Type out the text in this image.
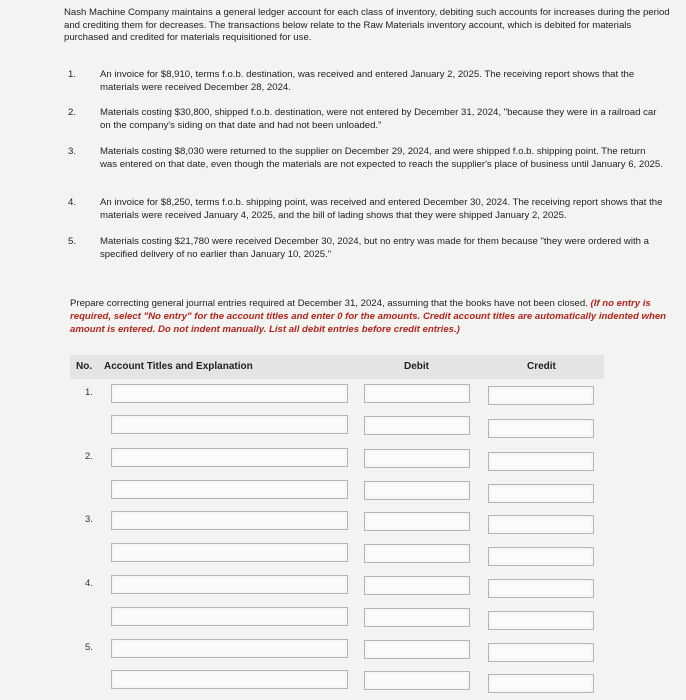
Nash Machine Company maintains a general ledger account for each class of inventory, debiting such accounts for increases during the period and crediting them for decreases. The transactions below relate to the Raw Materials inventory account, which is debited for materials purchased and credited for materials requisitioned for use.

1.	An invoice for $8,910, terms f.o.b. destination, was received and entered January 2, 2025. The receiving report shows that the materials were received December 28, 2024.
2.	Materials costing $30,800, shipped f.o.b. destination, were not entered by December 31, 2024, "because they were in a railroad car on the company's siding on that date and had not been unloaded."
3.	Materials costing $8,030 were returned to the supplier on December 29, 2024, and were shipped f.o.b. shipping point. The return was entered on that date, even though the materials are not expected to reach the supplier's place of business until January 6, 2025.
4.	An invoice for $8,250, terms f.o.b. shipping point, was received and entered December 30, 2024. The receiving report shows that the materials were received January 4, 2025, and the bill of lading shows that they were shipped January 2, 2025.
5.	Materials costing $21,780 were received December 30, 2024, but no entry was made for them because "they were ordered with a specified delivery of no earlier than January 10, 2025."

Prepare correcting general journal entries required at December 31, 2024, assuming that the books have not been closed. (If no entry is required, select "No entry" for the account titles and enter 0 for the amounts. Credit account titles are automatically indented when amount is entered. Do not indent manually. List all debit entries before credit entries.)

No. Account Titles and Explanation	Debit	Credit
1.
2.
3.
4.
5.
